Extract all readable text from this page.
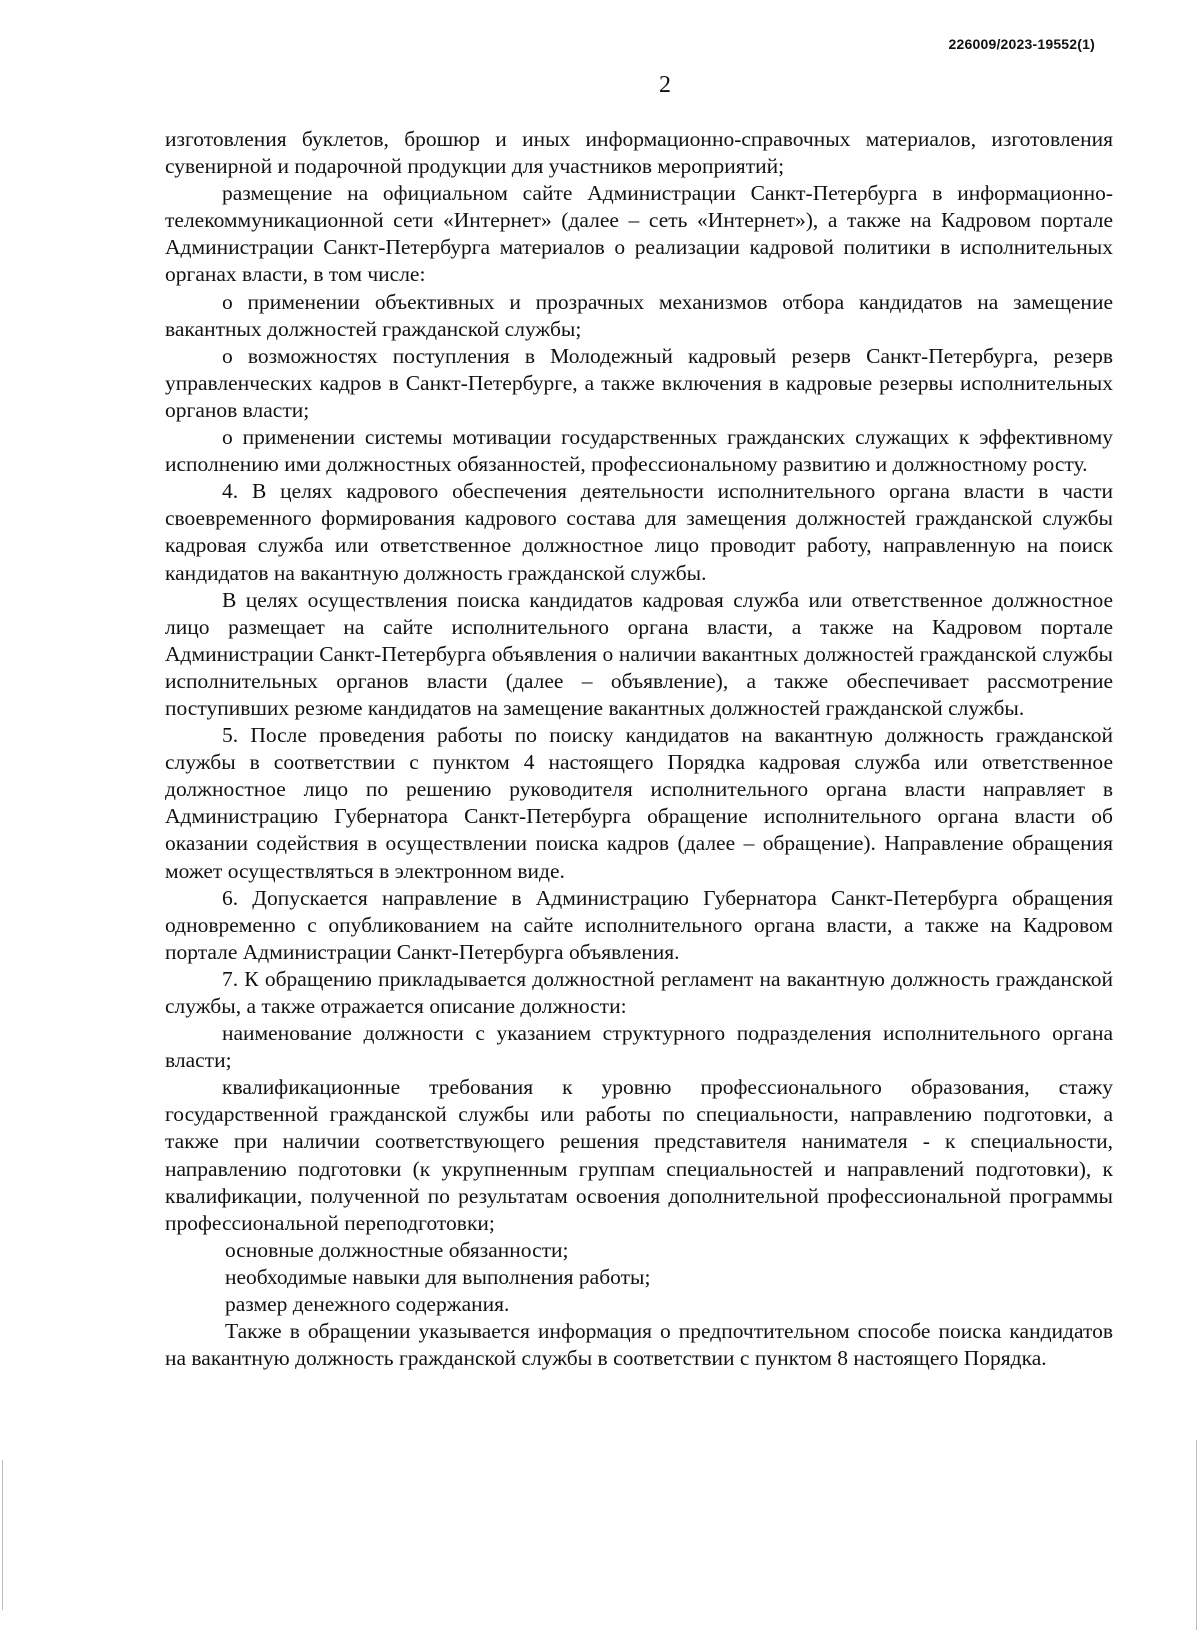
226009/2023-19552(1)
2

изготовления буклетов, брошюр и иных информационно-справочных материалов, изготовления сувенирной и подарочной продукции для участников мероприятий;

размещение на официальном сайте Администрации Санкт-Петербурга в информационно-телекоммуникационной сети «Интернет» (далее – сеть «Интернет»), а также на Кадровом портале Администрации Санкт-Петербурга материалов о реализации кадровой политики в исполнительных органах власти, в том числе:

о применении объективных и прозрачных механизмов отбора кандидатов на замещение вакантных должностей гражданской службы;

о возможностях поступления в Молодежный кадровый резерв Санкт-Петербурга, резерв управленческих кадров в Санкт-Петербурге, а также включения в кадровые резервы исполнительных органов власти;

о применении системы мотивации государственных гражданских служащих к эффективному исполнению ими должностных обязанностей, профессиональному развитию и должностному росту.

4. В целях кадрового обеспечения деятельности исполнительного органа власти в части своевременного формирования кадрового состава для замещения должностей гражданской службы кадровая служба или ответственное должностное лицо проводит работу, направленную на поиск кандидатов на вакантную должность гражданской службы.

В целях осуществления поиска кандидатов кадровая служба или ответственное должностное лицо размещает на сайте исполнительного органа власти, а также на Кадровом портале Администрации Санкт-Петербурга объявления о наличии вакантных должностей гражданской службы исполнительных органов власти (далее – объявление), а также обеспечивает рассмотрение поступивших резюме кандидатов на замещение вакантных должностей гражданской службы.

5. После проведения работы по поиску кандидатов на вакантную должность гражданской службы в соответствии с пунктом 4 настоящего Порядка кадровая служба или ответственное должностное лицо по решению руководителя исполнительного органа власти направляет в Администрацию Губернатора Санкт-Петербурга обращение исполнительного органа власти об оказании содействия в осуществлении поиска кадров (далее – обращение). Направление обращения может осуществляться в электронном виде.

6. Допускается направление в Администрацию Губернатора Санкт-Петербурга обращения одновременно с опубликованием на сайте исполнительного органа власти, а также на Кадровом портале Администрации Санкт-Петербурга объявления.

7. К обращению прикладывается должностной регламент на вакантную должность гражданской службы, а также отражается описание должности:

наименование должности с указанием структурного подразделения исполнительного органа власти;

квалификационные требования к уровню профессионального образования, стажу государственной гражданской службы или работы по специальности, направлению подготовки, а также при наличии соответствующего решения представителя нанимателя - к специальности, направлению подготовки (к укрупненным группам специальностей и направлений подготовки), к квалификации, полученной по результатам освоения дополнительной профессиональной программы профессиональной переподготовки;

основные должностные обязанности;

необходимые навыки для выполнения работы;

размер денежного содержания.

Также в обращении указывается информация о предпочтительном способе поиска кандидатов на вакантную должность гражданской службы в соответствии с пунктом 8 настоящего Порядка.
